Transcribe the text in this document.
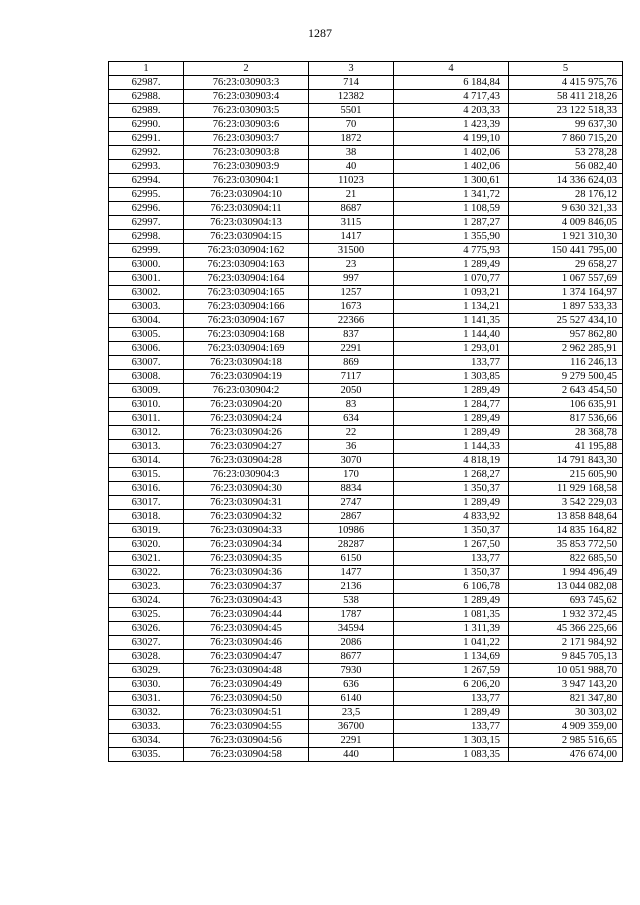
1287
1	2	3	4	5
62987.	76:23:030903:3	714	6 184,84	4 415 975,76
62988.	76:23:030903:4	12382	4 717,43	58 411 218,26
62989.	76:23:030903:5	5501	4 203,33	23 122 518,33
62990.	76:23:030903:6	70	1 423,39	99 637,30
62991.	76:23:030903:7	1872	4 199,10	7 860 715,20
62992.	76:23:030903:8	38	1 402,06	53 278,28
62993.	76:23:030903:9	40	1 402,06	56 082,40
62994.	76:23:030904:1	11023	1 300,61	14 336 624,03
62995.	76:23:030904:10	21	1 341,72	28 176,12
62996.	76:23:030904:11	8687	1 108,59	9 630 321,33
62997.	76:23:030904:13	3115	1 287,27	4 009 846,05
62998.	76:23:030904:15	1417	1 355,90	1 921 310,30
62999.	76:23:030904:162	31500	4 775,93	150 441 795,00
63000.	76:23:030904:163	23	1 289,49	29 658,27
63001.	76:23:030904:164	997	1 070,77	1 067 557,69
63002.	76:23:030904:165	1257	1 093,21	1 374 164,97
63003.	76:23:030904:166	1673	1 134,21	1 897 533,33
63004.	76:23:030904:167	22366	1 141,35	25 527 434,10
63005.	76:23:030904:168	837	1 144,40	957 862,80
63006.	76:23:030904:169	2291	1 293,01	2 962 285,91
63007.	76:23:030904:18	869	133,77	116 246,13
63008.	76:23:030904:19	7117	1 303,85	9 279 500,45
63009.	76:23:030904:2	2050	1 289,49	2 643 454,50
63010.	76:23:030904:20	83	1 284,77	106 635,91
63011.	76:23:030904:24	634	1 289,49	817 536,66
63012.	76:23:030904:26	22	1 289,49	28 368,78
63013.	76:23:030904:27	36	1 144,33	41 195,88
63014.	76:23:030904:28	3070	4 818,19	14 791 843,30
63015.	76:23:030904:3	170	1 268,27	215 605,90
63016.	76:23:030904:30	8834	1 350,37	11 929 168,58
63017.	76:23:030904:31	2747	1 289,49	3 542 229,03
63018.	76:23:030904:32	2867	4 833,92	13 858 848,64
63019.	76:23:030904:33	10986	1 350,37	14 835 164,82
63020.	76:23:030904:34	28287	1 267,50	35 853 772,50
63021.	76:23:030904:35	6150	133,77	822 685,50
63022.	76:23:030904:36	1477	1 350,37	1 994 496,49
63023.	76:23:030904:37	2136	6 106,78	13 044 082,08
63024.	76:23:030904:43	538	1 289,49	693 745,62
63025.	76:23:030904:44	1787	1 081,35	1 932 372,45
63026.	76:23:030904:45	34594	1 311,39	45 366 225,66
63027.	76:23:030904:46	2086	1 041,22	2 171 984,92
63028.	76:23:030904:47	8677	1 134,69	9 845 705,13
63029.	76:23:030904:48	7930	1 267,59	10 051 988,70
63030.	76:23:030904:49	636	6 206,20	3 947 143,20
63031.	76:23:030904:50	6140	133,77	821 347,80
63032.	76:23:030904:51	23,5	1 289,49	30 303,02
63033.	76:23:030904:55	36700	133,77	4 909 359,00
63034.	76:23:030904:56	2291	1 303,15	2 985 516,65
63035.	76:23:030904:58	440	1 083,35	476 674,00
